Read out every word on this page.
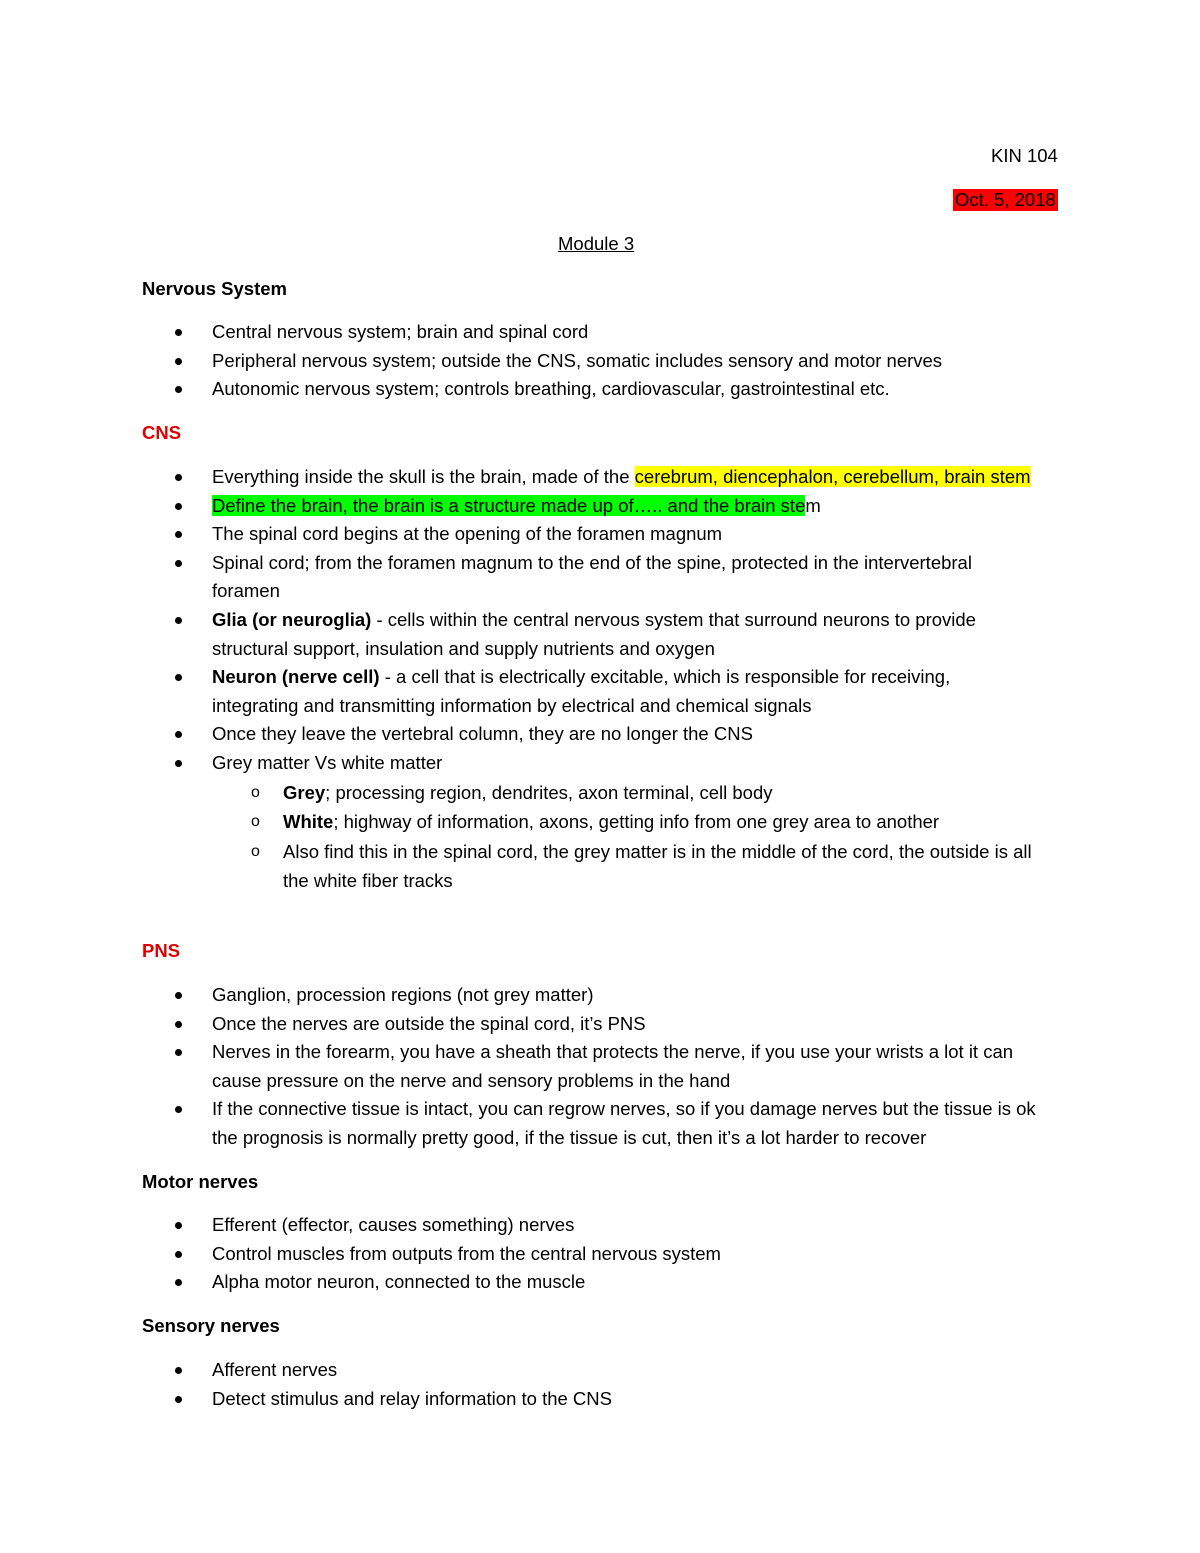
KIN 104
Oct. 5, 2018
Module 3
Nervous System
Central nervous system; brain and spinal cord
Peripheral nervous system; outside the CNS, somatic includes sensory and motor nerves
Autonomic nervous system; controls breathing, cardiovascular, gastrointestinal etc.
CNS
Everything inside the skull is the brain, made of the cerebrum, diencephalon, cerebellum, brain stem
Define the brain, the brain is a structure made up of….. and the brain stem
The spinal cord begins at the opening of the foramen magnum
Spinal cord; from the foramen magnum to the end of the spine, protected in the intervertebral foramen
Glia (or neuroglia) - cells within the central nervous system that surround neurons to provide structural support, insulation and supply nutrients and oxygen
Neuron (nerve cell) - a cell that is electrically excitable, which is responsible for receiving, integrating and transmitting information by electrical and chemical signals
Once they leave the vertebral column, they are no longer the CNS
Grey matter Vs white matter
o Grey; processing region, dendrites, axon terminal, cell body
o White; highway of information, axons, getting info from one grey area to another
o Also find this in the spinal cord, the grey matter is in the middle of the cord, the outside is all the white fiber tracks
PNS
Ganglion, procession regions (not grey matter)
Once the nerves are outside the spinal cord, it’s PNS
Nerves in the forearm, you have a sheath that protects the nerve, if you use your wrists a lot it can cause pressure on the nerve and sensory problems in the hand
If the connective tissue is intact, you can regrow nerves, so if you damage nerves but the tissue is ok the prognosis is normally pretty good, if the tissue is cut, then it’s a lot harder to recover
Motor nerves
Efferent (effector, causes something) nerves
Control muscles from outputs from the central nervous system
Alpha motor neuron, connected to the muscle
Sensory nerves
Afferent nerves
Detect stimulus and relay information to the CNS
